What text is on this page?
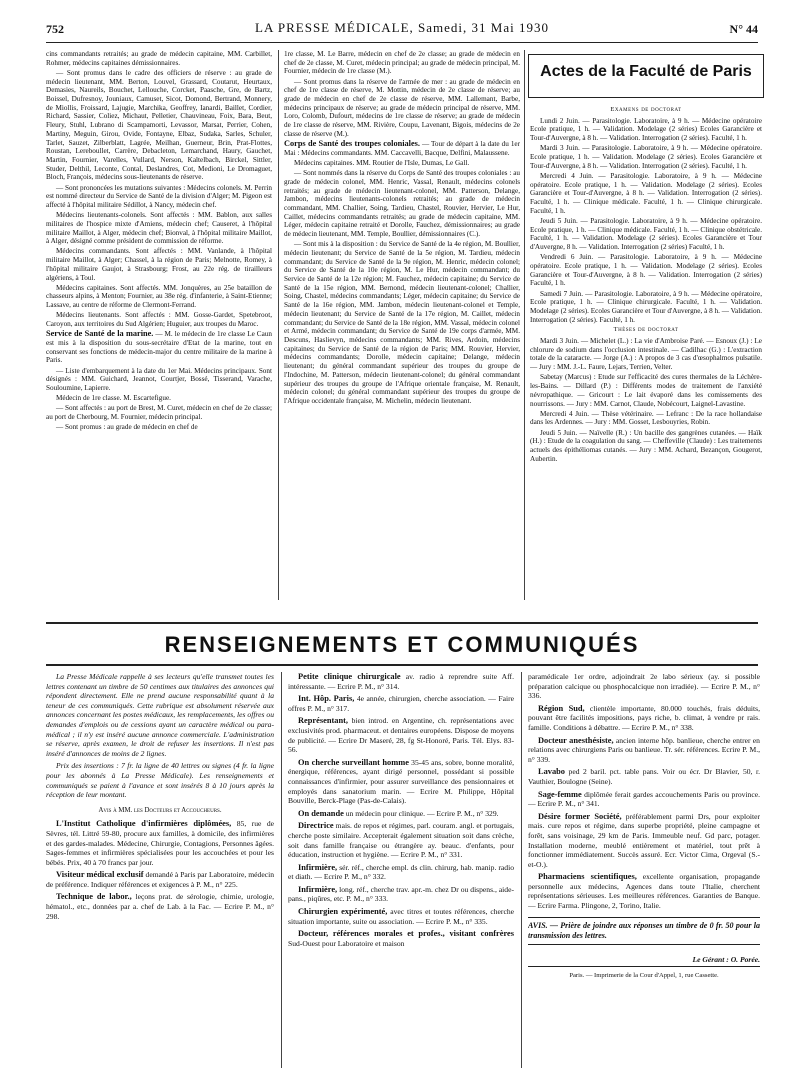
752	LA PRESSE MÉDICALE, Samedi, 31 Mai 1930	N° 44

cins commandants retraités; au grade de médecin capitaine, MM. Carbillet, Rohmer, médecins capitaines démissionnaires.

— Sont promus dans le cadre des officiers de réserve : au grade de médecin lieutenant, MM. Berton, Louvel, Grassard, Coutarut, Heurtaux, Demasies, Naureils, Bouchet, Lellouche, Corcket, Paasche, Gre, de Bartz, Boissel, Dufresnoy, Jouniaux, Camuset, Sicot, Domond, Bertrand, Monnery, de Miollis, Froissard, Lajugie, Marchika, Geoffrey, Ianardi, Baillet, Cordier, Richard, Sassier, Coliez, Michaut, Pelletier, Chauvineau, Foix, Bara, Beut, Fleury, Stuhl, Lubrano di Scampamorti, Levassor, Marsat, Perrier, Cohen, Martiny, Meguin, Girou, Ovide, Fontayne, Elbaz, Sudaka, Sarles, Schuler, Tarlet, Sauzet, Zilberblatt, Lagrée, Meilhan, Guerneur, Brin, Prat-Flottes, Roustan, Lereboullet, Carrère, Debacleton, Lemarchand, Haury, Gauchet, Martin, Fournier, Varelles, Vullard, Nerson, Kaltelbach, Birckel, Sittler, Studer, Delthil, Leconte, Contal, Deslandres, Cot, Medioni, Le Dromaguet, Bloch, François, médecins sous-lieutenants de réserve.

— Sont prononcées les mutations suivantes : Médecins colonels. M. Perrin est nommé directeur du Service de Santé de la division d'Alger; M. Pigeon est affecté à l'hôpital militaire Sédillot, à Nancy, médecin chef.

Médecins lieutenants-colonels. Sont affectés : MM. Bablon, aux salles militaires de l'hospice mixte d'Amiens, médecin chef; Causeret, à l'hôpital militaire Maillot, à Alger, médecin chef; Bionval, à l'hôpital militaire Maillot, à Alger, désigné comme président de commission de réforme.

Médecins commandants. Sont affectés : MM. Vanlande, à l'hôpital militaire Maillot, à Alger; Chassel, à la région de Paris; Melnotte, Romey, à l'hôpital militaire Gaujot, à Strasbourg; Frost, au 22e rég. de tirailleurs algériens, à Toul.

Médecins capitaines. Sont affectés. MM. Jonquères, au 25e bataillon de chasseurs alpins, à Menton; Fournier, au 38e rég. d'infanterie, à Saint-Etienne; Lassave, au centre de réforme de Clermont-Ferrand.

Médecins lieutenants. Sont affectés : MM. Gosse-Gardet, Spetebroot, Caroyon, aux territoires du Sud Algérien; Huguier, aux troupes du Maroc.

Service de Santé de la marine. — M. le médecin de 1re classe Le Caun est mis à la disposition du sous-secrétaire d'Etat de la marine, tout en conservant ses fonctions de médecin-major du centre militaire de la marine à Paris.

— Liste d'embarquement à la date du 1er Mai. Médecins principaux. Sont désignés : MM. Guichard, Jeannot, Courtjer, Bossé, Tisserand, Varache, Souloumine, Lapierre.

Médecin de 1re classe. M. Escartefigue.

— Sont affectés : au port de Brest, M. Curet, médecin en chef de 2e classe; au port de Cherbourg, M. Fournier, médecin principal.

— Sont promus : au grade de médecin en chef de

1re classe, M. Le Barre, médecin en chef de 2e classe; au grade de médecin en chef de 2e classe, M. Curet, médecin principal; au grade de médecin principal, M. Fournier, médecin de 1re classe (M.).

— Sont promus dans la réserve de l'armée de mer : au grade de médecin en chef de 1re classe de réserve, M. Mottin, médecin de 2e classe de réserve; au grade de médecin en chef de 2e classe de réserve, MM. Lallemant, Barbe, médecins principaux de réserve; au grade de médecin principal de réserve, MM. Loro, Colomb, Dufourt, médecins de 1re classe de réserve; au grade de médecin de 1re classe de réserve, MM. Rivière, Coupu, Lavenant, Bigois, médecins de 2e classe de réserve (M.).

Corps de Santé des troupes coloniales. — Tour de départ à la date du 1er Mai : Médecins commandants. MM. Caccavelli, Bacque, Delfini, Malaussene.

Médecins capitaines. MM. Routier de l'Isle, Dumas, Le Gall.

— Sont nommés dans la réserve du Corps de Santé des troupes coloniales : au grade de médecin colonel, MM. Henric, Vassal, Renault, médecins colonels retraités; au grade de médecin lieutenant-colonel, MM. Patterson, Delange, Jambon, médecins lieutenants-colonels retraités; au grade de médecin commandant, MM. Challier, Soing, Tardieu, Chastel, Rouvier, Hervier, Le Hur, Caillet, médecins commandants retraités; au grade de médecin capitaine, MM. Léger, médecin capitaine retraité et Dorolle, Fauchez, démissionnaires; au grade de médecin lieutenant, MM. Temple, Boullier, démissionnaires (C.).

— Sont mis à la disposition : du Service de Santé de la 4e région, M. Boullier, médecin lieutenant; du Service de Santé de la 5e région, M. Tardieu, médecin commandant; du Service de Santé de la 9e région, M. Henric, médecin colonel; du Service de Santé de la 10e région, M. Le Hur, médecin commandant; du Service de Santé de la 12e région; M. Fauchez, médecin capitaine; du Service de Santé de la 15e région, MM. Bernond, médecin lieutenant-colonel; Challier, Soing, Chastel, médecins commandants; Léger, médecin capitaine; du Service de Santé de la 16e région, MM. Jambon, médecin lieutenant-colonel et Temple, médecin lieutenant; du Service de Santé de la 17e région, M. Caillet, médecin commandant; du Service de Santé de la 18e région, MM. Vassal, médecin colonel et Armé, médecin commandant; du Service de Santé de 19e corps d'armée, MM. Descuns, Haslievyn, médecins commandants; MM. Rives, Ardoin, médecins capitaines; du Service de Santé de la région de Paris; MM. Rouvier, Hervier, médecins commandants; Dorolle, médecin capitaine; Delange, médecin lieutenant; du général commandant supérieur des troupes du groupe de l'Indochine, M. Patterson, médecin lieutenant-colonel; du général commandant supérieur des troupes du groupe de l'Afrique orientale française, M. Renault, médecin colonel; du général commandant supérieur des troupes du groupe de l'Afrique occidentale française, M. Michelin, médecin lieutenant.

Actes de la Faculté de Paris
Examens de doctorat

Lundi 2 Juin. — Parasitologie. Laboratoire, à 9 h. — Médecine opératoire Ecole pratique, 1 h. — Validation. Modelage (2 séries) Ecoles Garancière et Tour-d'Auvergne, à 8 h. — Validation. Interrogation (2 séries). Faculté, 1 h.

Mardi 3 Juin. — Parasitologie. Laboratoire, à 9 h. — Médecine opératoire. Ecole pratique, 1 h. — Validation. Modelage (2 séries). Ecoles Garancière et Tour-d'Auvergne, à 8 h. — Validation. Interrogation (2 séries). Faculté, 1 h.

Mercredi 4 Juin. — Parasitologie. Laboratoire, à 9 h. — Médecine opératoire. Ecole pratique, 1 h. — Validation. Modelage (2 séries). Ecoles Garancière et Tour-d'Auvergne, à 8 h. — Validation. Interrogation (2 séries). Faculté, 1 h. — Clinique médicale. Faculté, 1 h. — Clinique chirurgicale. Faculté, 1 h.

Jeudi 5 Juin. — Parasitologie. Laboratoire, à 9 h. — Médecine opératoire. Ecole pratique, 1 h. — Clinique médicale. Faculté, 1 h. — Clinique obstétricale. Faculté, 1 h. — Validation. Modelage (2 séries). Ecoles Garancière et Tour d'Auvergne, 8 h. — Validation. Interrogation (2 séries) Faculté, 1 h.

Vendredi 6 Juin. — Parasitologie. Laboratoire, à 9 h. — Médecine opératoire. Ecole pratique, 1 h. — Validation. Modelage (2 séries). Ecoles Garancière et Tour-d'Auvergne, à 8 h. — Validation. Interrogation (2 séries) Faculté, 1 h.

Samedi 7 Juin. — Parasitologie. Laboratoire, à 9 h. — Médecine opératoire, Ecole pratique, 1 h. — Clinique chirurgicale. Faculté, 1 h. — Validation. Modelage (2 séries). Ecoles Garancière et Tour d'Auvergne, à 8 h. — Validation. Interrogation (2 séries). Faculté, 1 h.

Thèses de doctorat

Mardi 3 Juin. — Michelet (L.) : La vie d'Ambroise Paré. — Esnoux (J.) : Le chlorure de sodium dans l'occlusion intestinale. — Cadilhac (G.) : L'extraction totale de la cataracte. — Jorge (A.) : A propos de 3 cas d'œsophalmos pulsatile. — Jury : MM. J.-L. Faure, Lejars, Terrien, Velter.

Sabetay (Marcus) : Etude sur l'efficacité des cures thermales de la Léchère-les-Bains. — Dillard (P.) : Différents modes de traitement de l'anxiété névropathique. — Gricourt : Le lait évaporé dans les comissements des nourrissons. — Jury : MM. Carnot, Claude, Nobécourt, Laignel-Lavastine.

Mercredi 4 Juin. — Thèse vétérinaire. — Lefranc : De la race hollandaise dans les Ardennes. — Jury : MM. Gosset, Lesbouyries, Robin.

Jeudi 5 Juin. — Naïvelle (R.) : Un bacille des gangrènes cutanées. — Haïk (H.) : Etude de la coagulation du sang. — Cheffeville (Claude) : Les traitements actuels des épithéliomas cutanés. — Jury : MM. Achard, Bezançon, Gougerot, Aubertin.

RENSEIGNEMENTS ET COMMUNIQUÉS

La Presse Médicale rappelle à ses lecteurs qu'elle transmet toutes les lettres contenant un timbre de 50 centimes aux titulaires des annonces qui répondent directement. Elle ne prend aucune responsabilité quant à la teneur de ces communiqués. Cette rubrique est absolument réservée aux annonces concernant les postes médicaux, les remplacements, les offres ou demandes d'emplois ou de cessions ayant un caractère médical ou para-médical ; il n'y est inséré aucune annonce commerciale. L'administration se réserve, après examen, le droit de refuser les insertions. Il n'est pas inséré d'annonces de moins de 2 lignes.

Prix des insertions : 7 fr. la ligne de 40 lettres ou signes (4 fr. la ligne pour les abonnés à La Presse Médicale). Les renseignements et communiqués se paient à l'avance et sont insérés 8 à 10 jours après la réception de leur montant.

Avis à MM. les Docteurs et Accoucheurs.

L'Institut Catholique d'infirmières diplômées, 85, rue de Sèvres, tél. Littré 59-80, procure aux familles, à domicile, des infirmières et des gardes-malades. Médecine, Chirurgie, Contagions, Personnes âgées. Sages-femmes et infirmières spécialisées pour les accouchées et pour les bébés. Prix, 40 à 70 francs par jour.

Visiteur médical exclusif demandé à Paris par Laboratoire, médecin de préférence. Indiquer références et exigences à P. M., n° 225.

Technique de labor., leçons prat. de sérologie, chimie, urologie, hématol., etc., données par a. chef de Lab. à la Fac. — Ecrire P. M., n° 298.

Petite clinique chirurgicale av. radio à reprendre suite Aff. intéressante. — Ecrire P. M., n° 314.

Int. Hôp. Paris, 4e année, chirurgien, cherche association. — Faire offres P. M., n° 317.

Représentant, bien introd. en Argentine, ch. représentations avec exclusivités prod. pharmaceut. et dentaires européens. Dispose de moyens de publicité. — Ecrire Dr Maseré, 28, fg St-Honoré, Paris. Tél. Elys. 83-56.

On cherche surveillant homme 35-45 ans, sobre, bonne moralité, énergique, références, ayant dirigé personnel, possédant si possible connaissances d'infirmier, pour assurer surveillance des pensionnaires et employés dans sanatorium marin. — Ecrire M. Philippe, Hôpital Bouville, Berck-Plage (Pas-de-Calais).

On demande un médecin pour clinique. — Ecrire P. M., n° 329.

Directrice mais. de repos et régimes, parl. couram. angl. et portugais, cherche poste similaire. Accepterait également situation soit dans crèche, soit dans famille française ou étrangère ay. beauc. d'enfants, pour éducation, instruction et hygiène. — Ecrire P. M., n° 331.

Infirmière, sér. réf., cherche empl. ds clin. chirurg, hab. manip. radio et diath. — Ecrire P. M., n° 332.

Infirmière, long. réf., cherche trav. apr.-m. chez Dr ou dispens., aide-pans., piqûres, etc. P. M., n° 333.

Chirurgien expérimenté, avec titres et toutes références, cherche situation importante, suite ou association. — Ecrire P. M., n° 335.

Docteur, références morales et profes., visitant confrères Sud-Ouest pour Laboratoire et maison

paramédicale 1er ordre, adjoindrait 2e labo sérieux (ay. si possible préparation calcique ou phosphocalcique non irradiée). — Ecrire P. M., n° 336.

Région Sud, clientèle importante, 80.000 touchés, frais déduits, pouvant être facilités impositions, pays riche, b. climat, à vendre pr rais. famille. Conditions à débattre. — Ecrire P. M., n° 338.

Docteur anesthésiste, ancien interne hôp. banlieue, cherche entrer en relations avec chirurgiens Paris ou banlieue. Tr. sér. références. Ecrire P. M., n° 339.

Lavabo ped 2 baril. pct. table pans. Voir ou écr. Dr Blavier, 50, r. Vauthier, Boulogne (Seine).

Sage-femme diplômée ferait gardes accouchements Paris ou province. — Ecrire P. M., n° 341.

Désire former Société, préférablement parmi Drs, pour exploiter mais. cure repos et régime, dans superbe propriété, pleine campagne et forêt, sans voisinage, 29 km de Paris. Immeuble neuf. Gd parc, potager. Installation moderne, meublé entièrement et matériel, tout prêt à fonctionner immédiatement. Succès assuré. Ecr. Victor Cima, Orgeval (S.-et-O.).

Pharmaciens scientifiques, excellente organisation, propagande personnelle aux médecins, Agences dans toute l'Italie, cherchent représentations sérieuses. Les meilleures références. Garanties de Banque. — Ecrire Farma. Plingone, 2, Torino, Italie.

AVIS. — Prière de joindre aux réponses un timbre de 0 fr. 50 pour la transmission des lettres.
Le Gérant : O. Porée.
Paris. — Imprimerie de la Cour d'Appel, 1, rue Cassette.
